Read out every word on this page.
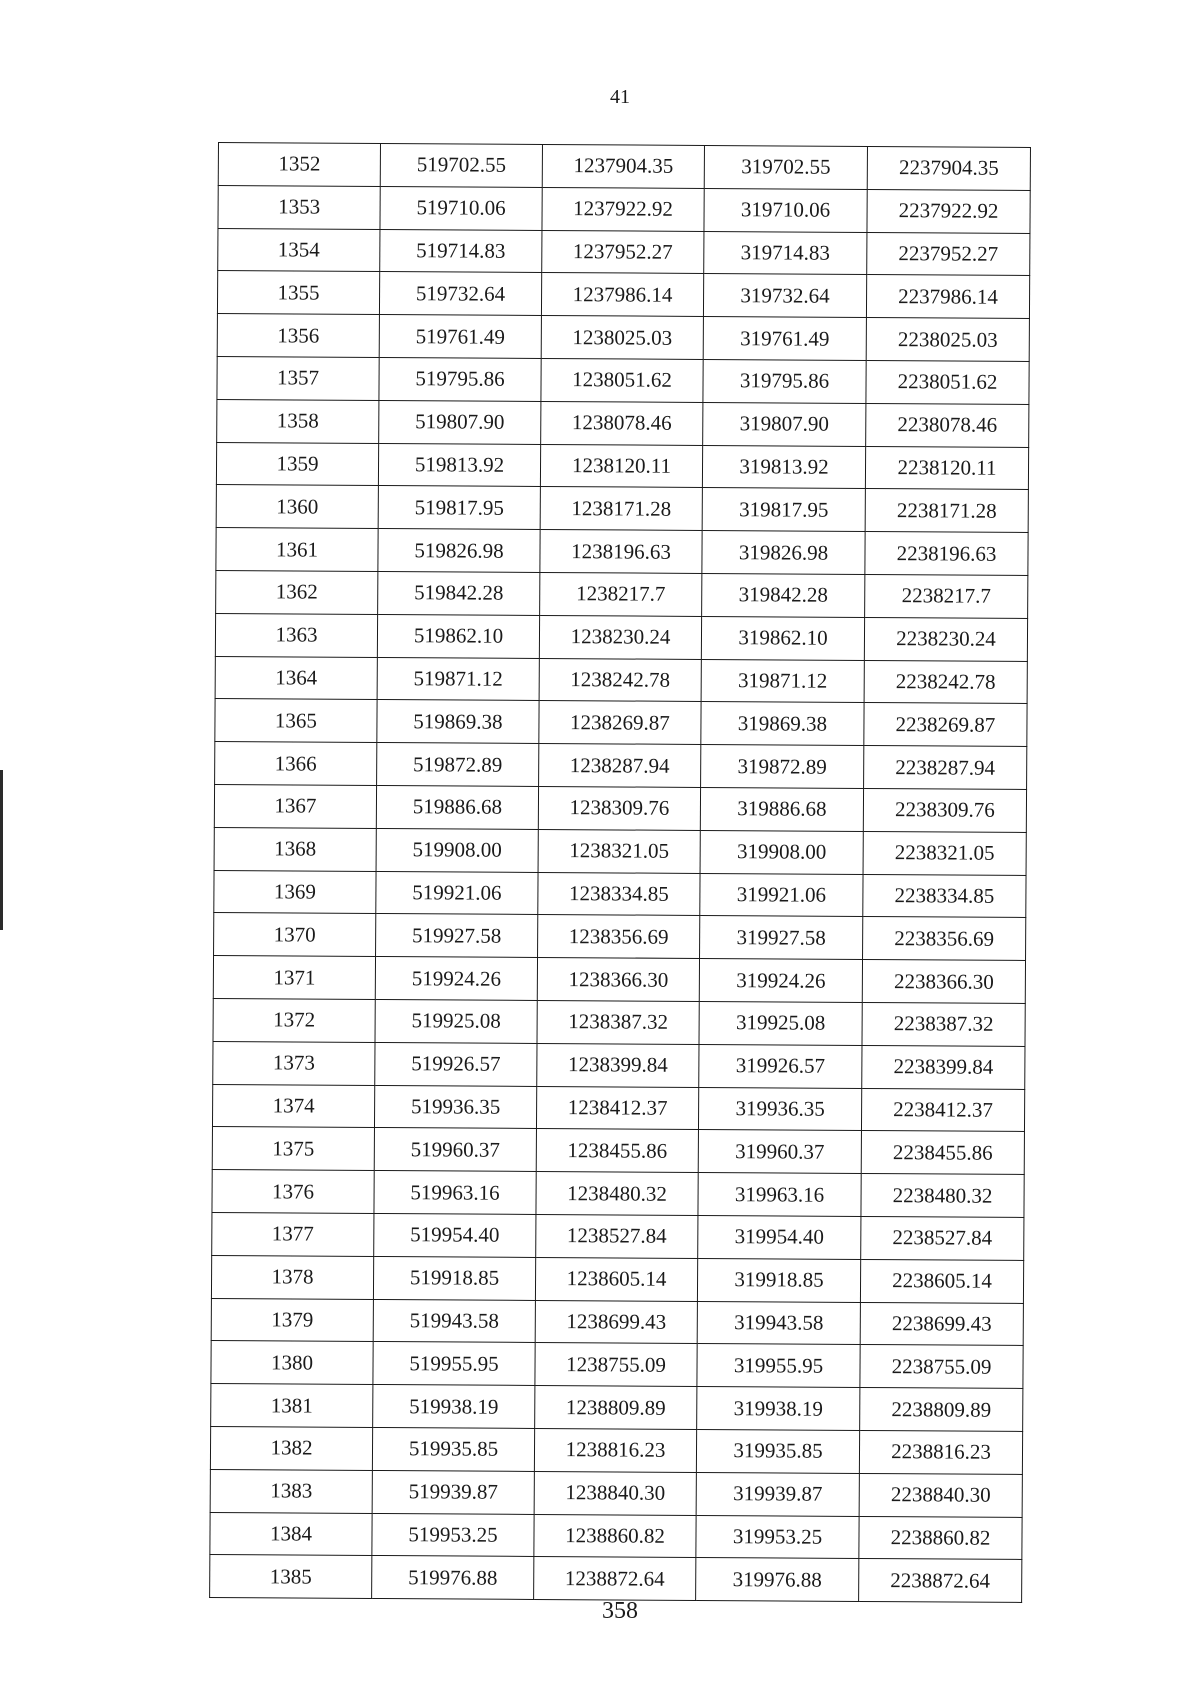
41
1352	519702.55	1237904.35	319702.55	2237904.35
1353	519710.06	1237922.92	319710.06	2237922.92
1354	519714.83	1237952.27	319714.83	2237952.27
1355	519732.64	1237986.14	319732.64	2237986.14
1356	519761.49	1238025.03	319761.49	2238025.03
1357	519795.86	1238051.62	319795.86	2238051.62
1358	519807.90	1238078.46	319807.90	2238078.46
1359	519813.92	1238120.11	319813.92	2238120.11
1360	519817.95	1238171.28	319817.95	2238171.28
1361	519826.98	1238196.63	319826.98	2238196.63
1362	519842.28	1238217.7	319842.28	2238217.7
1363	519862.10	1238230.24	319862.10	2238230.24
1364	519871.12	1238242.78	319871.12	2238242.78
1365	519869.38	1238269.87	319869.38	2238269.87
1366	519872.89	1238287.94	319872.89	2238287.94
1367	519886.68	1238309.76	319886.68	2238309.76
1368	519908.00	1238321.05	319908.00	2238321.05
1369	519921.06	1238334.85	319921.06	2238334.85
1370	519927.58	1238356.69	319927.58	2238356.69
1371	519924.26	1238366.30	319924.26	2238366.30
1372	519925.08	1238387.32	319925.08	2238387.32
1373	519926.57	1238399.84	319926.57	2238399.84
1374	519936.35	1238412.37	319936.35	2238412.37
1375	519960.37	1238455.86	319960.37	2238455.86
1376	519963.16	1238480.32	319963.16	2238480.32
1377	519954.40	1238527.84	319954.40	2238527.84
1378	519918.85	1238605.14	319918.85	2238605.14
1379	519943.58	1238699.43	319943.58	2238699.43
1380	519955.95	1238755.09	319955.95	2238755.09
1381	519938.19	1238809.89	319938.19	2238809.89
1382	519935.85	1238816.23	319935.85	2238816.23
1383	519939.87	1238840.30	319939.87	2238840.30
1384	519953.25	1238860.82	319953.25	2238860.82
1385	519976.88	1238872.64	319976.88	2238872.64
358
